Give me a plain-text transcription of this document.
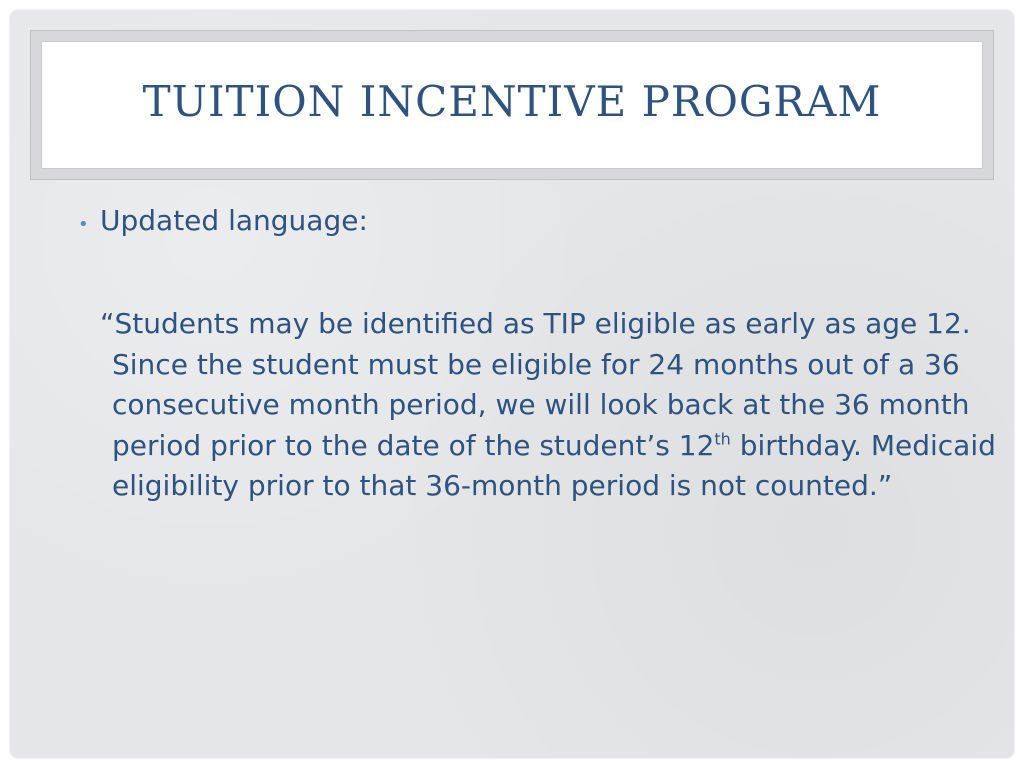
TUITION INCENTIVE PROGRAM
• Updated language:
“Students may be identified as TIP eligible as early as age 12. Since the student must be eligible for 24 months out of a 36 consecutive month period, we will look back at the 36 month period prior to the date of the student’s 12th birthday. Medicaid eligibility prior to that 36-month period is not counted.”
